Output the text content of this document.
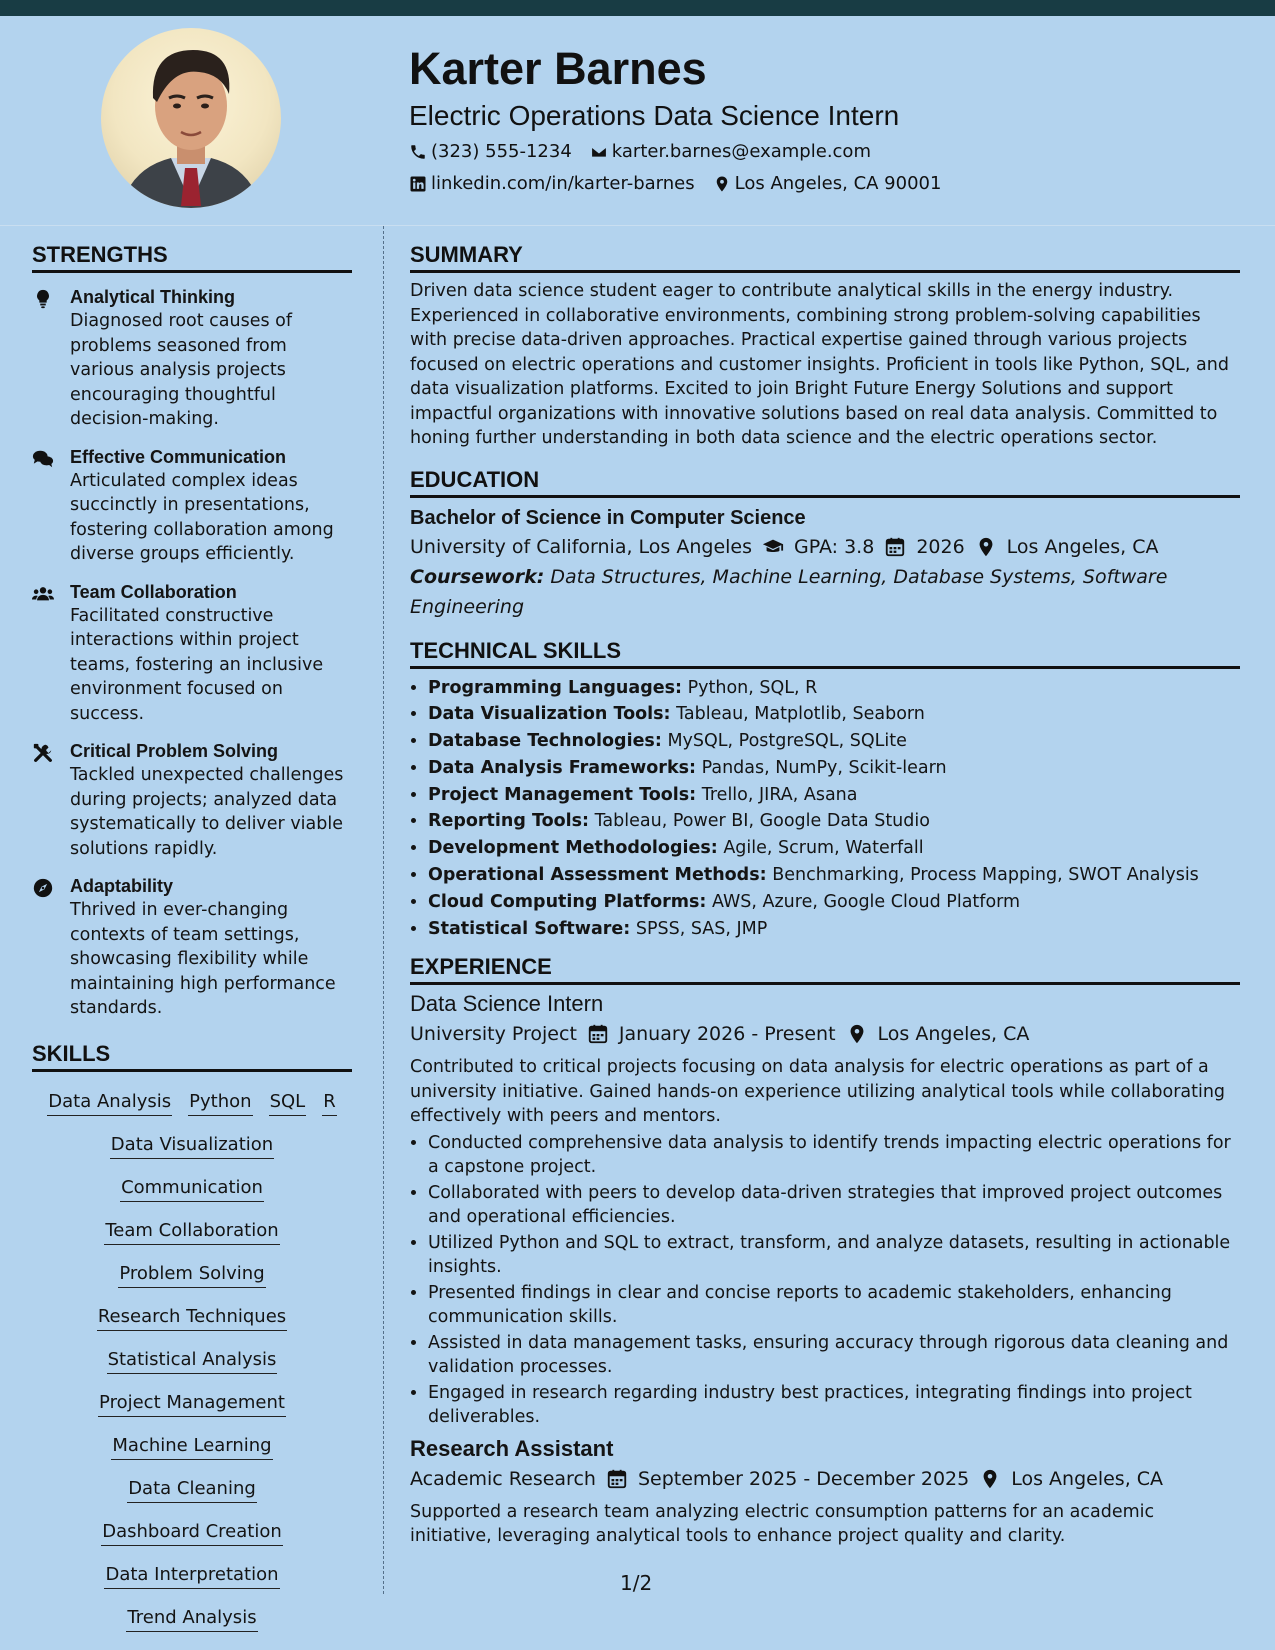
Karter Barnes
Electric Operations Data Science Intern
(323) 555-1234 karter.barnes@example.com
linkedin.com/in/karter-barnes Los Angeles, CA 90001
STRENGTHS
Analytical Thinking
Diagnosed root causes of problems seasoned from various analysis projects encouraging thoughtful decision-making.
Effective Communication
Articulated complex ideas succinctly in presentations, fostering collaboration among diverse groups efficiently.
Team Collaboration
Facilitated constructive interactions within project teams, fostering an inclusive environment focused on success.
Critical Problem Solving
Tackled unexpected challenges during projects; analyzed data systematically to deliver viable solutions rapidly.
Adaptability
Thrived in ever-changing contexts of team settings, showcasing flexibility while maintaining high performance standards.
SKILLS
Data Analysis Python SQL R
Data Visualization
Communication
Team Collaboration
Problem Solving
Research Techniques
Statistical Analysis
Project Management
Machine Learning
Data Cleaning
Dashboard Creation
Data Interpretation
Trend Analysis
SUMMARY

Driven data science student eager to contribute analytical skills in the energy industry. Experienced in collaborative environments, combining strong problem-solving capabilities with precise data-driven approaches. Practical expertise gained through various projects focused on electric operations and customer insights. Proficient in tools like Python, SQL, and data visualization platforms. Excited to join Bright Future Energy Solutions and support impactful organizations with innovative solutions based on real data analysis. Committed to honing further understanding in both data science and the electric operations sector.

EDUCATION
Bachelor of Science in Computer Science
University of California, Los Angeles GPA: 3.8 2026 Los Angeles, CA
Coursework: Data Structures, Machine Learning, Database Systems, Software Engineering
TECHNICAL SKILLS
• Programming Languages: Python, SQL, R
• Data Visualization Tools: Tableau, Matplotlib, Seaborn
• Database Technologies: MySQL, PostgreSQL, SQLite
• Data Analysis Frameworks: Pandas, NumPy, Scikit-learn
• Project Management Tools: Trello, JIRA, Asana
• Reporting Tools: Tableau, Power BI, Google Data Studio
• Development Methodologies: Agile, Scrum, Waterfall
• Operational Assessment Methods: Benchmarking, Process Mapping, SWOT Analysis
• Cloud Computing Platforms: AWS, Azure, Google Cloud Platform
• Statistical Software: SPSS, SAS, JMP
EXPERIENCE
Data Science Intern
University Project January 2026 - Present Los Angeles, CA

Contributed to critical projects focusing on data analysis for electric operations as part of a university initiative. Gained hands-on experience utilizing analytical tools while collaborating effectively with peers and mentors.

• Conducted comprehensive data analysis to identify trends impacting electric operations for a capstone project.
• Collaborated with peers to develop data-driven strategies that improved project outcomes and operational efficiencies.
• Utilized Python and SQL to extract, transform, and analyze datasets, resulting in actionable insights.
• Presented findings in clear and concise reports to academic stakeholders, enhancing communication skills.
• Assisted in data management tasks, ensuring accuracy through rigorous data cleaning and validation processes.
• Engaged in research regarding industry best practices, integrating findings into project deliverables.
Research Assistant
Academic Research September 2025 - December 2025 Los Angeles, CA

Supported a research team analyzing electric consumption patterns for an academic initiative, leveraging analytical tools to enhance project quality and clarity.

1/2
